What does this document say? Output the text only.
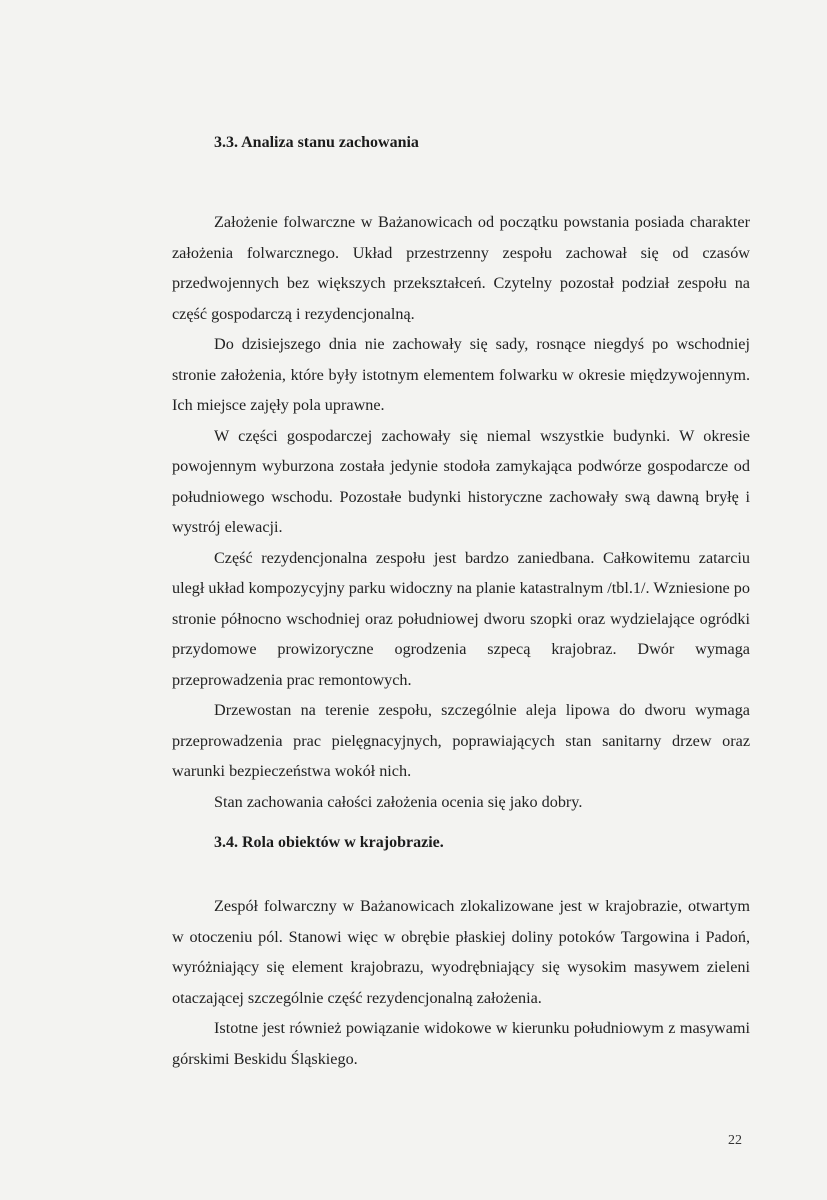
3.3. Analiza stanu zachowania

Założenie folwarczne w Bażanowicach od początku powstania posiada charakter założenia folwarcznego. Układ przestrzenny zespołu zachował się od czasów przedwojennych bez większych przekształceń. Czytelny pozostał podział zespołu na część gospodarczą i rezydencjonalną.

Do dzisiejszego dnia nie zachowały się sady, rosnące niegdyś po wschodniej stronie założenia, które były istotnym elementem folwarku w okresie międzywojennym. Ich miejsce zajęły pola uprawne.

W części gospodarczej zachowały się niemal wszystkie budynki. W okresie powojennym wyburzona została jedynie stodoła zamykająca podwórze gospodarcze od południowego wschodu. Pozostałe budynki historyczne zachowały swą dawną bryłę i wystrój elewacji.

Część rezydencjonalna zespołu jest bardzo zaniedbana. Całkowitemu zatarciu uległ układ kompozycyjny parku widoczny na planie katastralnym /tbl.1/. Wzniesione po stronie północno wschodniej oraz południowej dworu szopki oraz wydzielające ogródki przydomowe prowizoryczne ogrodzenia szpecą krajobraz. Dwór wymaga przeprowadzenia prac remontowych.

Drzewostan na terenie zespołu, szczególnie aleja lipowa do dworu wymaga przeprowadzenia prac pielęgnacyjnych, poprawiających stan sanitarny drzew oraz warunki bezpieczeństwa wokół nich.

Stan zachowania całości założenia ocenia się jako dobry.

3.4. Rola obiektów w krajobrazie.

Zespół folwarczny w Bażanowicach zlokalizowane jest w krajobrazie, otwartym w otoczeniu pól. Stanowi więc w obrębie płaskiej doliny potoków Targowina i Padoń, wyróżniający się element krajobrazu, wyodrębniający się wysokim masywem zieleni otaczającej szczególnie część rezydencjonalną założenia.

Istotne jest również powiązanie widokowe w kierunku południowym z masywami górskimi Beskidu Śląskiego.

22
